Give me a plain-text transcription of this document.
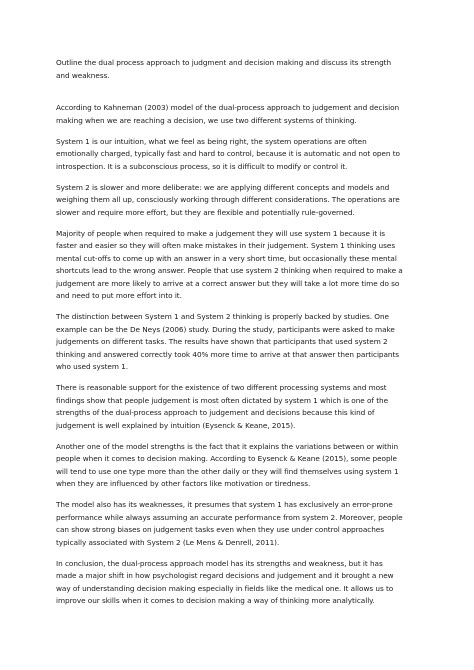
Outline the dual process approach to judgment and decision making and discuss its strength and weakness.

According to Kahneman (2003) model of the dual-process approach to judgement and decision making when we are reaching a decision, we use two different systems of thinking.

System 1 is our intuition, what we feel as being right, the system operations are often emotionally charged, typically fast and hard to control, because it is automatic and not open to introspection. It is a subconscious process, so it is difficult to modify or control it.

System 2 is slower and more deliberate: we are applying different concepts and models and weighing them all up, consciously working through different considerations. The operations are slower and require more effort, but they are flexible and potentially rule-governed.

Majority of people when required to make a judgement they will use system 1 because it is faster and easier so they will often make mistakes in their judgement. System 1 thinking uses mental cut-offs to come up with an answer in a very short time, but occasionally these mental shortcuts lead to the wrong answer. People that use system 2 thinking when required to make a judgement are more likely to arrive at a correct answer but they will take a lot more time do so and need to put more effort into it.

The distinction between System 1 and System 2 thinking is properly backed by studies. One example can be the De Neys (2006) study. During the study, participants were asked to make judgements on different tasks. The results have shown that participants that used system 2 thinking and answered correctly took 40% more time to arrive at that answer then participants who used system 1.

There is reasonable support for the existence of two different processing systems and most findings show that people judgement is most often dictated by system 1 which is one of the strengths of the dual-process approach to judgement and decisions because this kind of judgement is well explained by intuition (Eysenck & Keane, 2015).

Another one of the model strengths is the fact that it explains the variations between or within people when it comes to decision making. According to Eysenck & Keane (2015), some people will tend to use one type more than the other daily or they will find themselves using system 1 when they are influenced by other factors like motivation or tiredness.

The model also has its weaknesses, it presumes that system 1 has exclusively an error-prone performance while always assuming an accurate performance from system 2. Moreover, people can show strong biases on judgement tasks even when they use under control approaches typically associated with System 2 (Le Mens & Denrell, 2011).

In conclusion, the dual-process approach model has its strengths and weakness, but it has made a major shift in how psychologist regard decisions and judgement and it brought a new way of understanding decision making especially in fields like the medical one. It allows us to improve our skills when it comes to decision making a way of thinking more analytically.
